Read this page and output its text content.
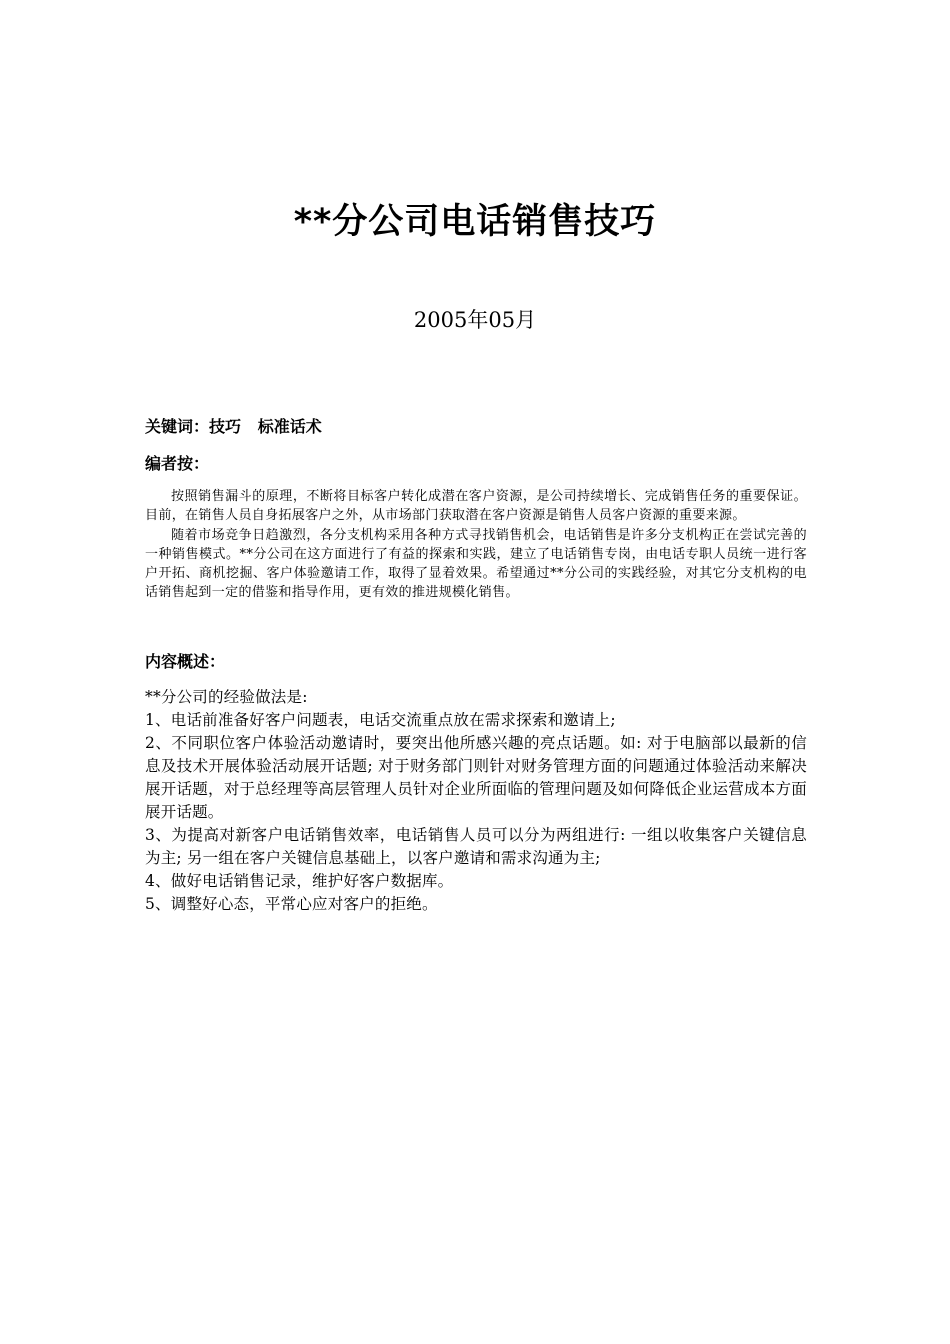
**分公司电话销售技巧
2005年05月
关键词：技巧   标准话术
编者按：

按照销售漏斗的原理，不断将目标客户转化成潜在客户资源，是公司持续增长、完成销售任务的重要保证。目前，在销售人员自身拓展客户之外，从市场部门获取潜在客户资源是销售人员客户资源的重要来源。

随着市场竞争日趋激烈，各分支机构采用各种方式寻找销售机会，电话销售是许多分支机构正在尝试完善的一种销售模式。**分公司在这方面进行了有益的探索和实践，建立了电话销售专岗，由电话专职人员统一进行客户开拓、商机挖掘、客户体验邀请工作，取得了显着效果。希望通过**分公司的实践经验，对其它分支机构的电话销售起到一定的借鉴和指导作用，更有效的推进规模化销售。

内容概述：

**分公司的经验做法是:

1、电话前准备好客户问题表，电话交流重点放在需求探索和邀请上;

2、不同职位客户体验活动邀请时，要突出他所感兴趣的亮点话题。如: 对于电脑部以最新的信息及技术开展体验活动展开话题; 对于财务部门则针对财务管理方面的问题通过体验活动来解决展开话题，对于总经理等高层管理人员针对企业所面临的管理问题及如何降低企业运营成本方面展开话题。

3、为提高对新客户电话销售效率，电话销售人员可以分为两组进行: 一组以收集客户关键信息为主; 另一组在客户关键信息基础上，以客户邀请和需求沟通为主;

4、做好电话销售记录，维护好客户数据库。

5、调整好心态，平常心应对客户的拒绝。
